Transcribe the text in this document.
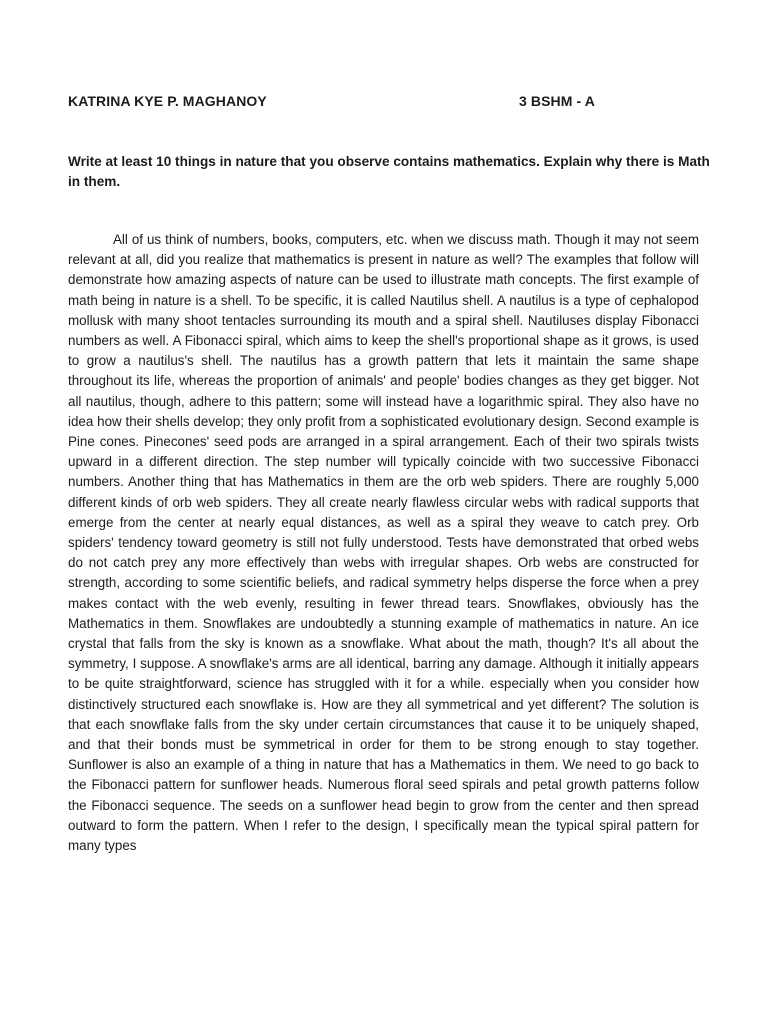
KATRINA KYE P. MAGHANOY	3 BSHM - A

Write at least 10 things in nature that you observe contains mathematics. Explain why there is Math in them.

All of us think of numbers, books, computers, etc. when we discuss math. Though it may not seem relevant at all, did you realize that mathematics is present in nature as well? The examples that follow will demonstrate how amazing aspects of nature can be used to illustrate math concepts. The first example of math being in nature is a shell. To be specific, it is called Nautilus shell. A nautilus is a type of cephalopod mollusk with many shoot tentacles surrounding its mouth and a spiral shell. Nautiluses display Fibonacci numbers as well. A Fibonacci spiral, which aims to keep the shell's proportional shape as it grows, is used to grow a nautilus's shell. The nautilus has a growth pattern that lets it maintain the same shape throughout its life, whereas the proportion of animals' and people' bodies changes as they get bigger. Not all nautilus, though, adhere to this pattern; some will instead have a logarithmic spiral. They also have no idea how their shells develop; they only profit from a sophisticated evolutionary design. Second example is Pine cones. Pinecones' seed pods are arranged in a spiral arrangement. Each of their two spirals twists upward in a different direction. The step number will typically coincide with two successive Fibonacci numbers. Another thing that has Mathematics in them are the orb web spiders. There are roughly 5,000 different kinds of orb web spiders. They all create nearly flawless circular webs with radical supports that emerge from the center at nearly equal distances, as well as a spiral they weave to catch prey. Orb spiders' tendency toward geometry is still not fully understood. Tests have demonstrated that orbed webs do not catch prey any more effectively than webs with irregular shapes. Orb webs are constructed for strength, according to some scientific beliefs, and radical symmetry helps disperse the force when a prey makes contact with the web evenly, resulting in fewer thread tears. Snowflakes, obviously has the Mathematics in them. Snowflakes are undoubtedly a stunning example of mathematics in nature. An ice crystal that falls from the sky is known as a snowflake. What about the math, though? It's all about the symmetry, I suppose. A snowflake's arms are all identical, barring any damage. Although it initially appears to be quite straightforward, science has struggled with it for a while. especially when you consider how distinctively structured each snowflake is. How are they all symmetrical and yet different? The solution is that each snowflake falls from the sky under certain circumstances that cause it to be uniquely shaped, and that their bonds must be symmetrical in order for them to be strong enough to stay together. Sunflower is also an example of a thing in nature that has a Mathematics in them. We need to go back to the Fibonacci pattern for sunflower heads. Numerous floral seed spirals and petal growth patterns follow the Fibonacci sequence. The seeds on a sunflower head begin to grow from the center and then spread outward to form the pattern. When I refer to the design, I specifically mean the typical spiral pattern for many types
